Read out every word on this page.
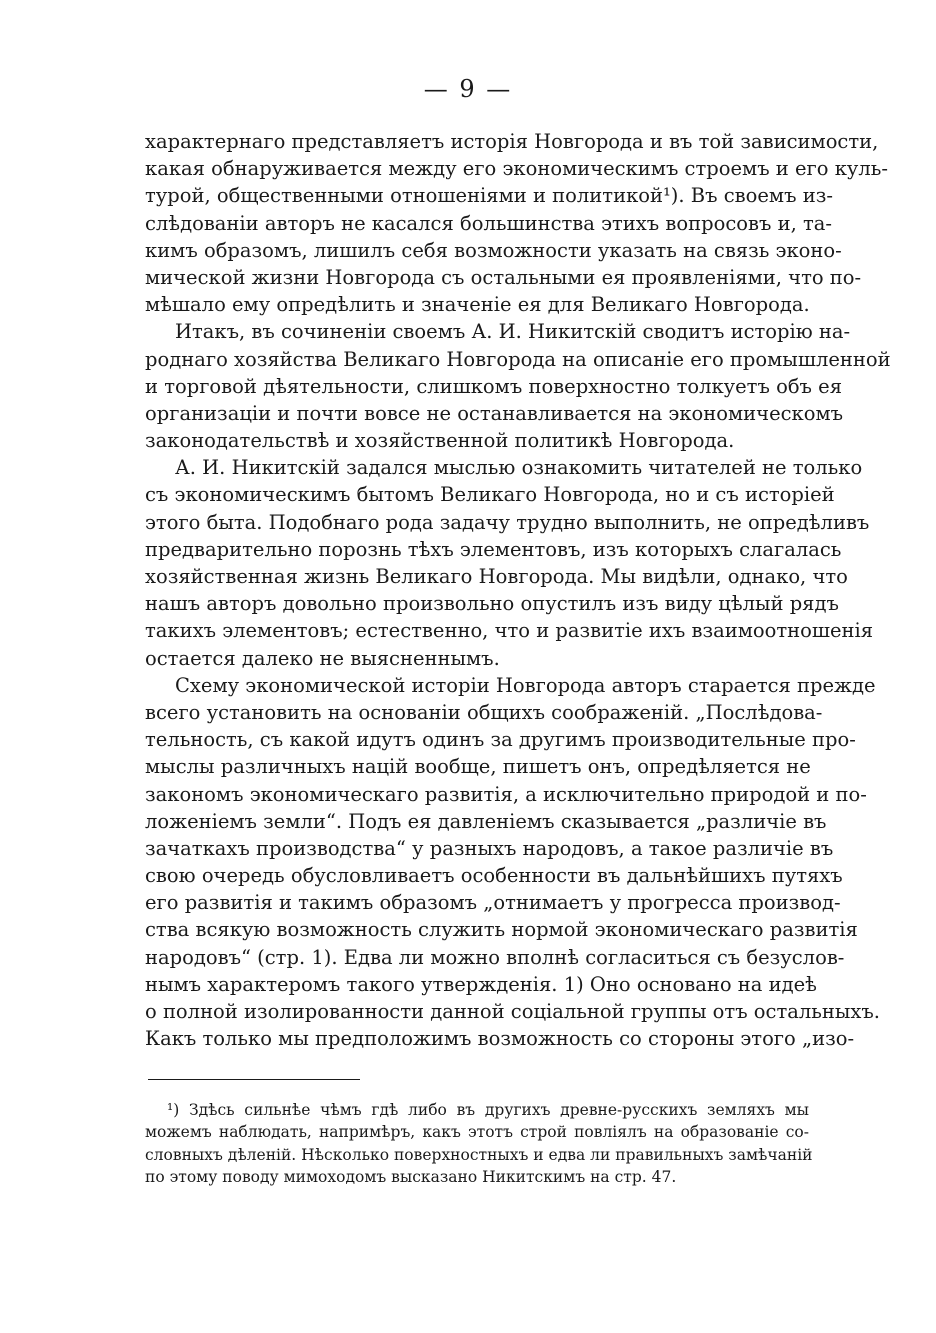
— 9 —
характернаго представляетъ исторія Новгорода и въ той зависимости,
какая обнаруживается между его экономическимъ строемъ и его куль-
турой, общественными отношеніями и политикой¹). Въ своемъ из-
слѣдованіи авторъ не касался большинства этихъ вопросовъ и, та-
кимъ образомъ, лишилъ себя возможности указать на связь эконо-
мической жизни Новгорода съ остальными ея проявленіями, что по-
мѣшало ему опредѣлить и значеніе ея для Великаго Новгорода.
Итакъ, въ сочиненіи своемъ А. И. Никитскій сводитъ исторію на-
роднаго хозяйства Великаго Новгорода на описаніе его промышленной
и торговой дѣятельности, слишкомъ поверхностно толкуетъ объ ея
организаціи и почти вовсе не останавливается на экономическомъ
законодательствѣ и хозяйственной политикѣ Новгорода.
А. И. Никитскій задался мыслью ознакомить читателей не только
съ экономическимъ бытомъ Великаго Новгорода, но и съ исторіей
этого быта. Подобнаго рода задачу трудно выполнить, не опредѣливъ
предварительно порознь тѣхъ элементовъ, изъ которыхъ слагалась
хозяйственная жизнь Великаго Новгорода. Мы видѣли, однако, что
нашъ авторъ довольно произвольно опустилъ изъ виду цѣлый рядъ
такихъ элементовъ; естественно, что и развитіе ихъ взаимоотношенія
остается далеко не выясненнымъ.
Схему экономической исторіи Новгорода авторъ старается прежде
всего установить на основаніи общихъ соображеній. „Послѣдова-
тельность, съ какой идутъ одинъ за другимъ производительные про-
мыслы различныхъ націй вообще, пишетъ онъ, опредѣляется не
закономъ экономическаго развитія, а исключительно природой и по-
ложеніемъ земли“. Подъ ея давленіемъ сказывается „различіе въ
зачаткахъ производства“ у разныхъ народовъ, а такое различіе въ
свою очередь обусловливаетъ особенности въ дальнѣйшихъ путяхъ
его развитія и такимъ образомъ „отнимаетъ у прогресса производ-
ства всякую возможность служить нормой экономическаго развитія
народовъ“ (стр. 1). Едва ли можно вполнѣ согласиться съ безуслов-
нымъ характеромъ такого утвержденія. 1) Оно основано на идеѣ
о полной изолированности данной соціальной группы отъ остальныхъ.
Какъ только мы предположимъ возможность со стороны этого „изо-
¹) Здѣсь сильнѣе чѣмъ гдѣ либо въ другихъ древне-русскихъ земляхъ мы
можемъ наблюдать, напримѣръ, какъ этотъ строй повліялъ на образованіе со-
словныхъ дѣленій. Нѣсколько поверхностныхъ и едва ли правильныхъ замѣчаній
по этому поводу мимоходомъ высказано Никитскимъ на стр. 47.
